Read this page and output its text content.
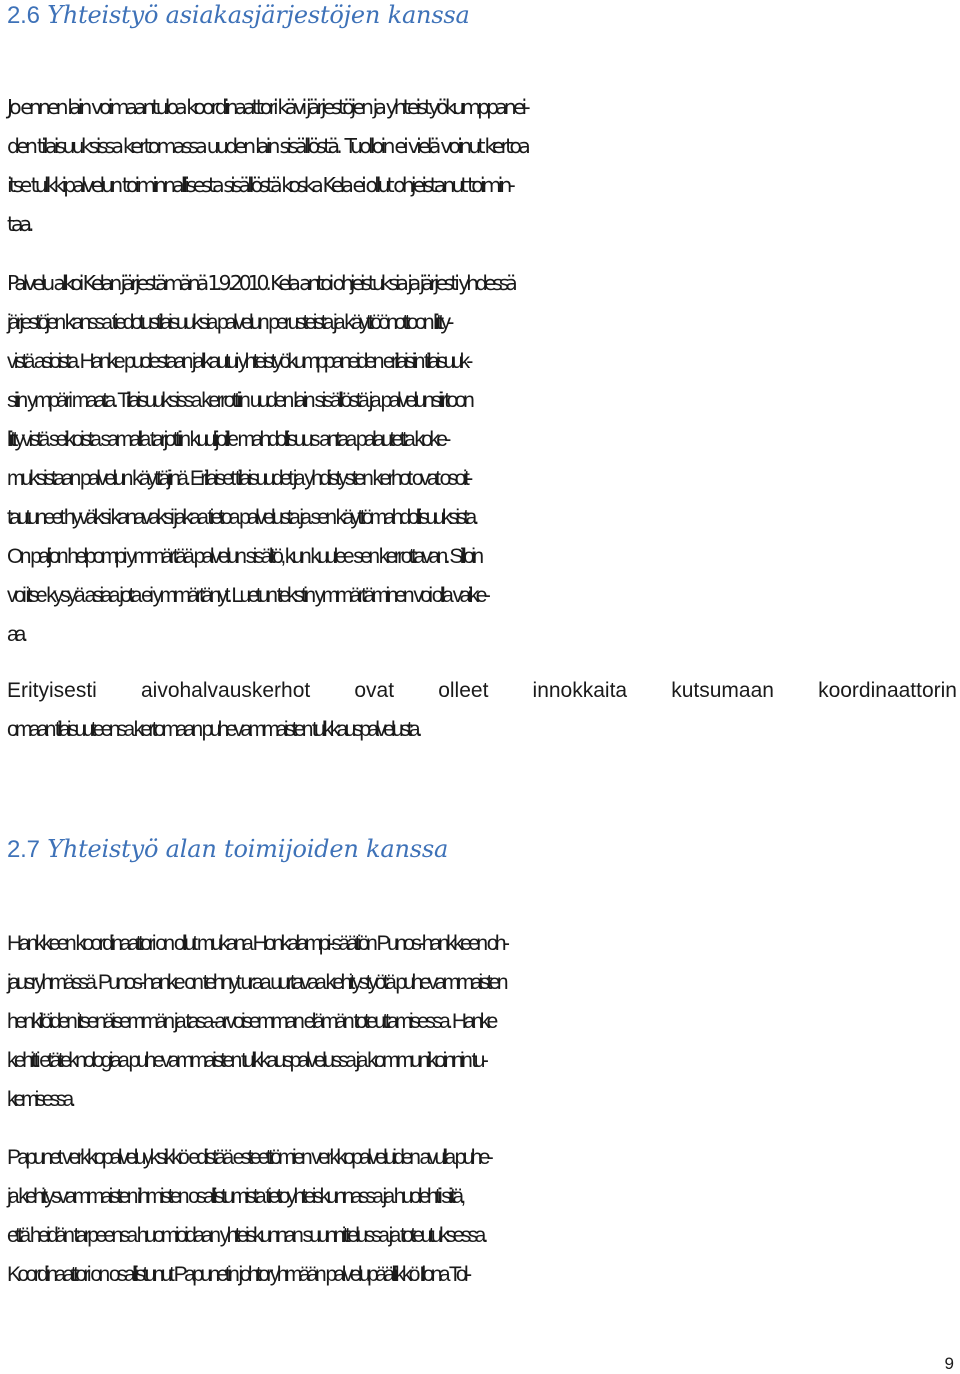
2.6 Yhteistyö asiakasjärjestöjen kanssa

Jo ennen lain voimaantuloa koordinaattori kävi järjestöjen ja yhteistyökumppanei-
den tilaisuuksissa kertomassa uuden lain sisällöstä.  Tuolloin ei vielä voinut kertoa
itse tulkkipalvelun toiminnallisesta sisällöstä koska Kela ei ollut ohjeistanut toimin-
taa.

Palvelu alkoi Kelan järjestämänä 1.9.2010. Kela antoi ohjeistuksia ja järjesti yhdessä
järjestöjen kanssa tiedotustilaisuuksia palvelun perusteista ja käyttöönottoon liitty-
vistä asioista. Hanke puolestaan jalkautui yhteistyökumppaneiden erilaisiin tilaisuuk-
siin ympäri maata. Tilaisuuksissa kerrottiin uuden lain sisällöstä ja palvelunsiirtoon
liittyvistä seikoista samalla tarjottiin kuulijoille mahdollisuus antaa palautetta koke-
muksistaan palvelun käyttäjinä. Erilaiset tilaisuudet ja yhdistysten kerhot ovat osoit-
tautuneet hyväksi kanavaksi jakaa tietoa palvelusta ja sen käyttömahdollisuuksista.
On paljon helpompi ymmärtää palvelun sisältö, kun kuulee sen kerrottavan. Silloin
voi itse kysyä asiaa jota ei ymmärtänyt. Luetun tekstin ymmärtäminen voi olla vaike-
aa.

Erityisesti aivohalvauskerhot ovat olleet innokkaita kutsumaan koordinaattorin
omaan tilaisuuteensa kertomaan puhevammaisten tulkkauspalvelusta.

2.7 Yhteistyö alan toimijoiden kanssa

Hankkeen koordinaattori on ollut mukana Honkalampi-säätiön Punos-hankkeen oh-
jausryhmässä. Punos-hanke on tehnyt uraa uurtavaa kehitystyötä puhevammaisten
henkilöiden itsenäisemmän ja tasa-arvoisemman elämän toteuttamisessa. Hanke
kehitti etäteknologiaa puhevammaisten tulkkauspalvelussa ja kommunikoinnin tu-
kemisessa.

Papunet verkkopalveluyksikkö edistää esteettömien verkkopalveluiden avulla puhe-
ja kehitysvammaisten ihmisten osallistumista tietoyhteiskunnassa ja huolehtii siitä,
että heidän tarpeensa huomioidaan yhteiskunnan suunnittelussa ja toteutuksessa.
Koordinaattori on osallistunut Papunetin johtoryhmään palvelupäällikkö Ilona Tol-

9
